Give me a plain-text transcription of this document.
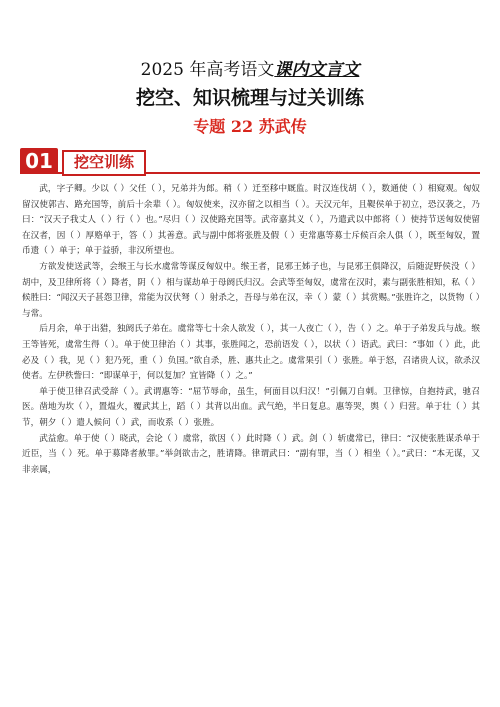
2025 年高考语文课内文言文
挖空、知识梳理与过关训练
专题 22 苏武传
01	挖空训练

武，字子卿。少以（ ）父任（ ），兄弟并为郎。稍（ ）迁至移中厩监。时汉连伐胡（ ），数通使（ ）相窥观。匈奴留汉使郭吉、路充国等，前后十余辈（ ）。匈奴使来，汉亦留之以相当（ ）。天汉元年，且鞮侯单于初立，恐汉袭之，乃曰：“汉天子我丈人（ ）行（ ）也。”尽归（ ）汉使路充国等。武帝嘉其义（ ），乃遣武以中郎将（ ）使持节送匈奴使留在汉者，因（ ）厚赂单于，答（ ）其善意。武与副中郎将张胜及假（ ）吏常惠等募士斥候百余人俱（ ），既至匈奴，置币遗（ ）单于；单于益骄，非汉所望也。

方欲发使送武等，会缑王与长水虞常等谋反匈奴中。缑王者，昆邪王姊子也，与昆邪王俱降汉，后随浞野侯没（ ）胡中，及卫律所将（ ）降者，阴（ ）相与谋劫单于母阏氏归汉。会武等至匈奴，虞常在汉时，素与副张胜相知，私（ ）候胜曰：“闻汉天子甚怨卫律，常能为汉伏弩（ ）射杀之，吾母与弟在汉，幸（ ）蒙（ ）其赏赐。”张胜许之，以货物（ ）与常。

后月余，单于出猎，独阏氏子弟在。虞常等七十余人欲发（ ），其一人夜亡（ ），告（ ）之。单于子弟发兵与战。缑王等皆死，虞常生得（ ）。单于使卫律治（ ）其事，张胜闻之，恐前语发（ ），以状（ ）语武。武曰：“事如（ ）此，此必及（ ）我，见（ ）犯乃死，重（ ）负国。”欲自杀，胜、惠共止之。虞常果引（ ）张胜。单于怒，召诸贵人议，欲杀汉使者。左伊秩訾曰：“即谋单于，何以复加？宜皆降（ ）之。”

单于使卫律召武受辞（ ）。武谓惠等：“屈节辱命，虽生，何面目以归汉！”引佩刀自刺。卫律惊，自抱持武，驰召医。凿地为坎（ ），置煴火，覆武其上，蹈（ ）其背以出血。武气绝，半日复息。惠等哭，舆（ ）归营。单于壮（ ）其节，朝夕（ ）遣人候问（ ）武，而收系（ ）张胜。

武益愈。单于使（ ）晓武，会论（ ）虞常，欲因（ ）此时降（ ）武。剑（ ）斩虞常已，律曰：“汉使张胜谋杀单于近臣，当（ ）死。单于募降者赦罪。”举剑欲击之，胜请降。律谓武曰：“副有罪，当（ ）相坐（ ）。”武曰：“本无谋，又非亲属，
